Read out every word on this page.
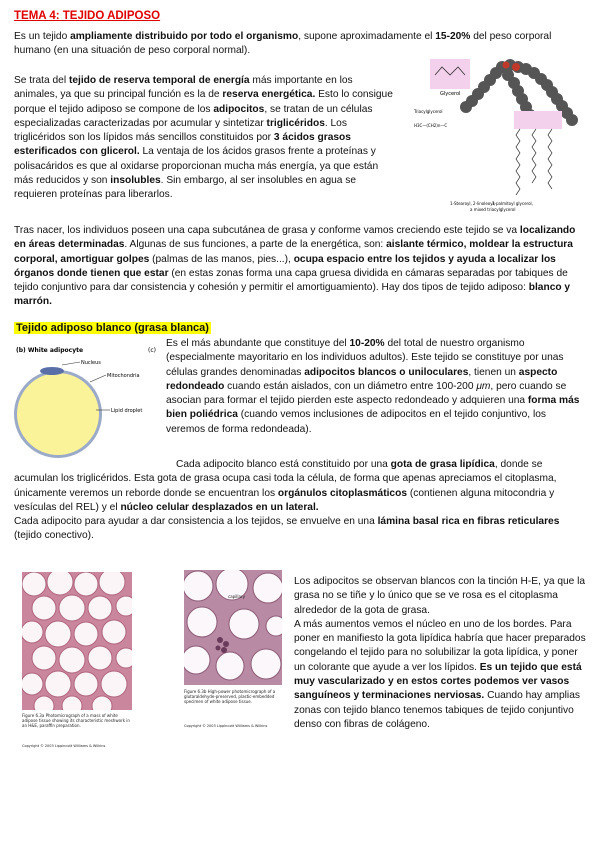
TEMA 4: TEJIDO ADIPOSO

Es un tejido ampliamente distribuido por todo el organismo, supone aproximadamente el 15-20% del peso corporal humano (en una situación de peso corporal normal).

Se trata del tejido de reserva temporal de energía más importante en los animales, ya que su principal función es la de reserva energética. Esto lo consigue porque el tejido adiposo se compone de los adipocitos, se tratan de un células especializadas caracterizadas por acumular y sintetizar triglicéridos. Los triglicéridos son los lípidos más sencillos constituidos por 3 ácidos grasos esterificados con glicerol. La ventaja de los ácidos grasos frente a proteínas y polisacáridos es que al oxidarse proporcionan mucha más energía, ya que están más reducidos y son insolubles. Sin embargo, al ser insolubles en agua se requieren proteínas para liberarlos.

Glycerol
Triacylglycerol
H3C—(CH2)n—C
1-Stearoyl, 2-linoleoyl,
3-palmitoyl glycerol,
a mixed triacylglycerol

Tras nacer, los individuos poseen una capa subcutánea de grasa y conforme vamos creciendo este tejido se va localizando en áreas determinadas. Algunas de sus funciones, a parte de la energética, son: aislante térmico, moldear la estructura corporal, amortiguar golpes (palmas de las manos, pies...), ocupa espacio entre los tejidos y ayuda a localizar los órganos donde tienen que estar (en estas zonas forma una capa gruesa dividida en cámaras separadas por tabiques de tejido conjuntivo para dar consistencia y cohesión y permitir el amortiguamiento). Hay dos tipos de tejido adiposo: blanco y marrón.

Tejido adiposo blanco (grasa blanca)
(b) White adipocyte	(c)
Nucleus
Mitochondria
Lipid droplet

Es el más abundante que constituye del 10-20% del total de nuestro organismo (especialmente mayoritario en los individuos adultos). Este tejido se constituye por unas células grandes denominadas adipocitos blancos o uniloculares, tienen un aspecto redondeado cuando están aislados, con un diámetro entre 100-200 μm, pero cuando se asocian para formar el tejido pierden este aspecto redondeado y adquieren una forma más bien poliédrica (cuando vemos inclusiones de adipocitos en el tejido conjuntivo, los veremos de forma redondeada).

Cada adipocito blanco está constituido por una gota de grasa lipídica, donde se acumulan los triglicéridos. Esta gota de grasa ocupa casi toda la célula, de forma que apenas apreciamos el citoplasma, únicamente veremos un reborde donde se encuentran los orgánulos citoplasmáticos (contienen alguna mitocondria y vesículas del REL) y el núcleo celular desplazados en un lateral.
Cada adipocito para ayudar a dar consistencia a los tejidos, se envuelve en una lámina basal rica en fibras reticulares (tejido conectivo).

Figure 6.3a Photomicrograph of a mass of white adipose tissue showing its characteristic meshwork in an H&E, paraffin preparation.
Copyright © 2003 Lippincott Williams & Wilkins
capillary
Figure 6.3b High-power photomicrograph of a glutaraldehyde-preserved, plastic-embedded specimen of white adipose tissue.
Copyright © 2003 Lippincott Williams & Wilkins

Los adipocitos se observan blancos con la tinción H-E, ya que la grasa no se tiñe y lo único que se ve rosa es el citoplasma alrededor de la gota de grasa.
A más aumentos vemos el núcleo en uno de los bordes. Para poner en manifiesto la gota lipídica habría que hacer preparados congelando el tejido para no solubilizar la gota lipídica, y poner un colorante que ayude a ver los lípidos. Es un tejido que está muy vascularizado y en estos cortes podemos ver vasos sanguíneos y terminaciones nerviosas. Cuando hay amplias zonas con tejido blanco tenemos tabiques de tejido conjuntivo denso con fibras de colágeno.
